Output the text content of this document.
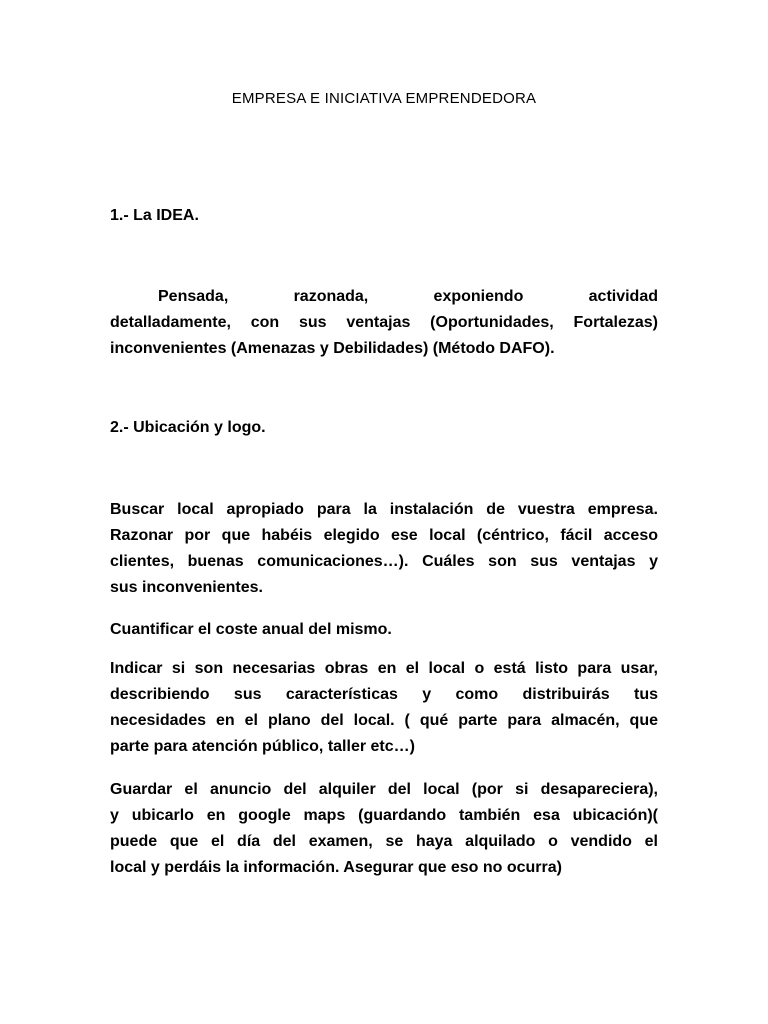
EMPRESA E INICIATIVA EMPRENDEDORA
1.- La IDEA.
Pensada, razonada, exponiendo actividad
detalladamente, con sus ventajas (Oportunidades, Fortalezas)
inconvenientes (Amenazas y Debilidades) (Método DAFO).
2.- Ubicación y logo.
Buscar local apropiado para la instalación de vuestra empresa.
Razonar por que habéis elegido ese local (céntrico, fácil acceso
clientes, buenas comunicaciones…). Cuáles son sus ventajas y
sus inconvenientes.
Cuantificar el coste anual del mismo.
Indicar si son necesarias obras en el local o está listo para usar,
describiendo sus características y como distribuirás tus
necesidades en el plano del local. ( qué parte para almacén, que
parte para atención público, taller etc…)
Guardar el anuncio del alquiler del local (por si desapareciera),
y ubicarlo en google maps (guardando también esa ubicación)(
puede que el día del examen, se haya alquilado o vendido el
local y perdáis la información. Asegurar que eso no ocurra)
